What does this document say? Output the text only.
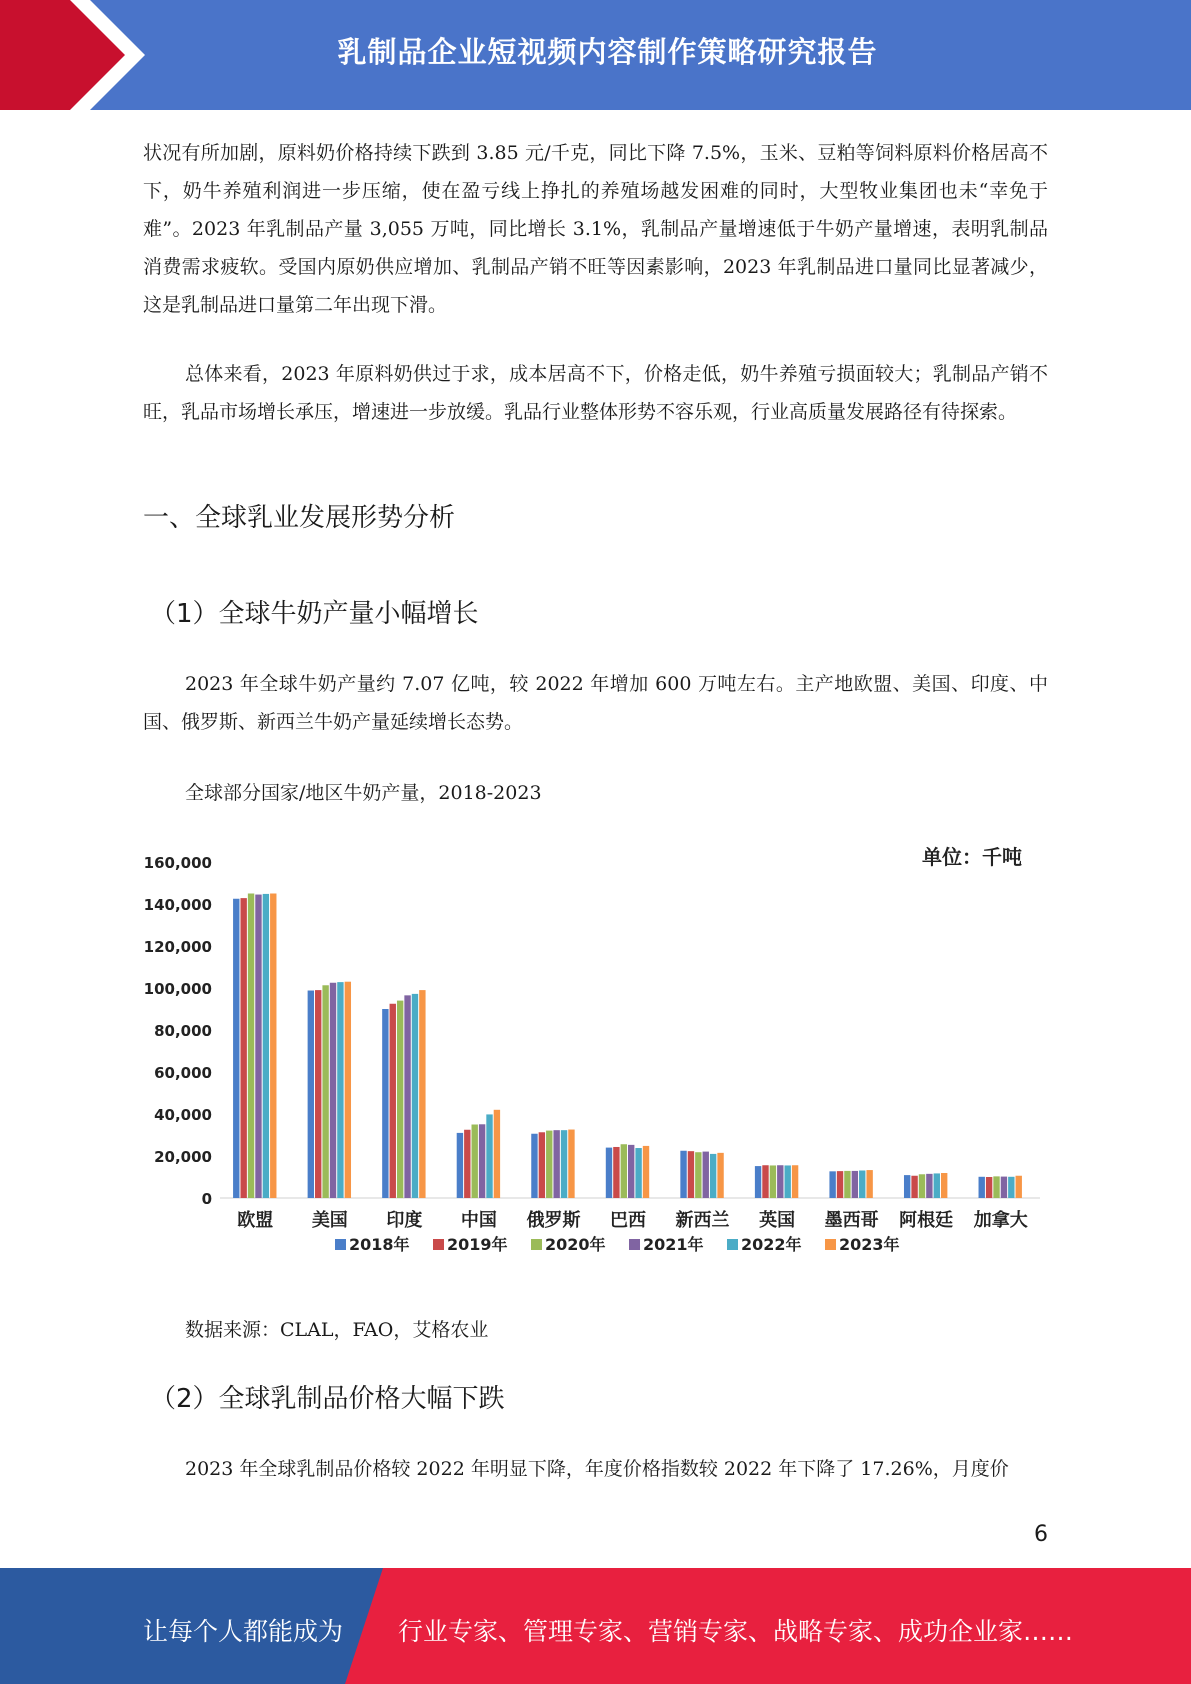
乳制品企业短视频内容制作策略研究报告

状况有所加剧，原料奶价格持续下跌到 3.85 元/千克，同比下降 7.5%，玉米、豆粕等饲料原料价格居高不下，奶牛养殖利润进一步压缩，使在盈亏线上挣扎的养殖场越发困难的同时，大型牧业集团也未“幸免于难”。2023 年乳制品产量 3,055 万吨，同比增长 3.1%，乳制品产量增速低于牛奶产量增速，表明乳制品消费需求疲软。受国内原奶供应增加、乳制品产销不旺等因素影响，2023 年乳制品进口量同比显著减少，这是乳制品进口量第二年出现下滑。

总体来看，2023 年原料奶供过于求，成本居高不下，价格走低，奶牛养殖亏损面较大；乳制品产销不旺，乳品市场增长承压，增速进一步放缓。乳品行业整体形势不容乐观，行业高质量发展路径有待探索。

一、全球乳业发展形势分析
（1）全球牛奶产量小幅增长

2023 年全球牛奶产量约 7.07 亿吨，较 2022 年增加 600 万吨左右。主产地欧盟、美国、印度、中国、俄罗斯、新西兰牛奶产量延续增长态势。

全球部分国家/地区牛奶产量，2018-2023

单位：千吨
0
20,000
40,000
60,000
80,000
100,000
120,000
140,000
160,000
欧盟 美国 印度 中国 俄罗斯 巴西 新西兰 英国 墨西哥 阿根廷 加拿大
2018年 2019年 2020年 2021年 2022年 2023年

数据来源：CLAL，FAO，艾格农业

（2）全球乳制品价格大幅下跌

2023 年全球乳制品价格较 2022 年明显下降，年度价格指数较 2022 年下降了 17.26%，月度价

6
让每个人都能成为 行业专家、管理专家、营销专家、战略专家、成功企业家……
